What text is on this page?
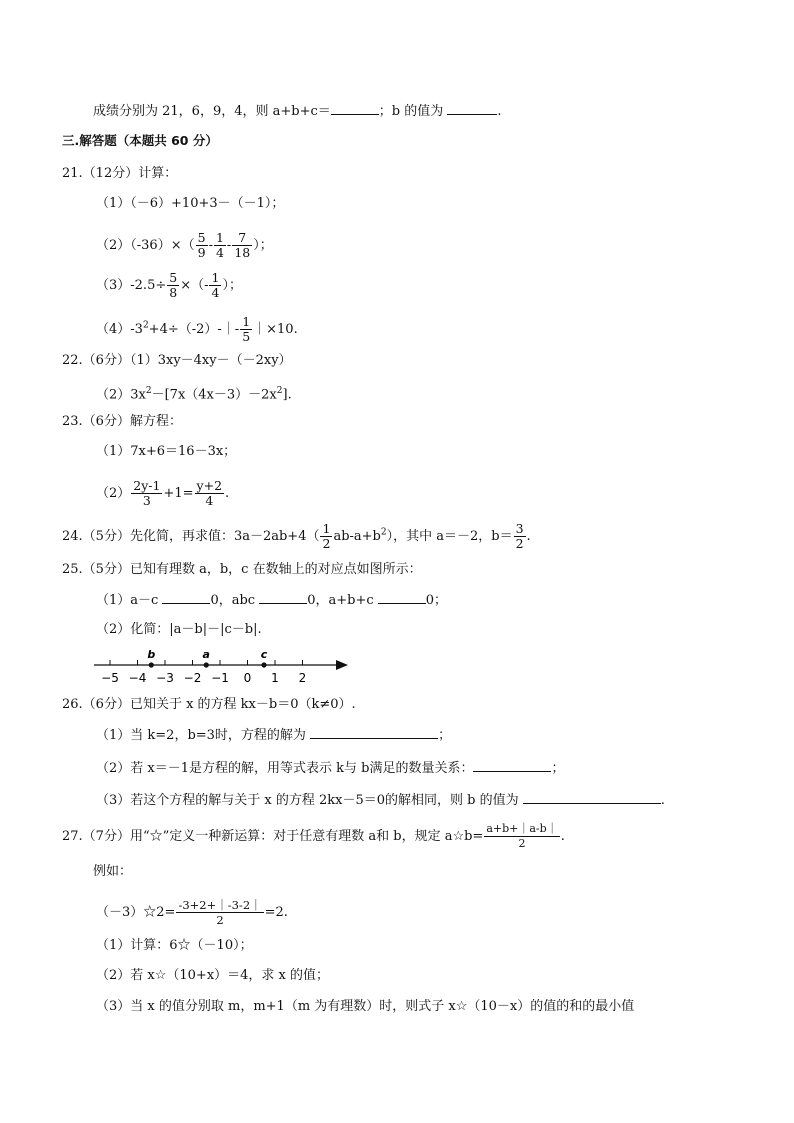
成绩分别为 21，6，9，4，则 a+b+c＝	；b 的值为	.
三.解答题（本题共 60 分）
21.（12分）计算：
（1）（－6）+10+3－（－1）；
$(2)(-36)\times( \frac{5}{9} - \frac{1}{4} - \frac{7}{18}$ ）；
$(3)-2.5\div \frac{5}{8}$ ×（- $\frac{1}{4}$ ）；
$(4)-3^2+4\div(-2)-|- \frac{1}{5}$ ｜×10.
22.（6分）（1）3xy－4xy－（－2xy）
$(2)3x^2-[7x(4x-3)-2x^2]$.
23.（6分）解方程：
（1）7x+6＝16－3x；
$(2) \frac{2y-1}{3} +1= \frac{y+2}{4}$ .
24.（5分）先化简，再求值：$3a-2ab+4( \frac{1}{2} ab-a+b^2)$，其中 a＝－2，$b= \frac{3}{2}$ .
25.（5分）已知有理数 a，b，c 在数轴上的对应点如图所示：
（1）a－c	0，abc	0，a+b+c	0；
（2）化简：|a－b|－|c－b|.
−5 −4 −3 −2 −1 0 1 2
b	a	c
26.（6分）已知关于 x 的方程 kx－b＝0（k≠0）.
（1）当 k=2，b=3时，方程的解为	；
（2）若 x＝－1是方程的解，用等式表示 k与 b满足的数量关系：	；
（3）若这个方程的解与关于 x 的方程 2kx－5＝0的解相同，则 b 的值为	.
27.（7分）用“☆”定义一种新运算：对于任意有理数 a和 b，规定 a☆b= $\frac{a+b+|a-b|}{2}$ .
例如：
（－3）☆2= $\frac{-3+2+|-3-2|}{2} =2$.
（1）计算：6☆（－10）；
（2）若 x☆（10+x）＝4，求 x 的值；
（3）当 x 的值分别取 m，m+1（m 为有理数）时，则式子 x☆（10－x）的值的和的最小值
